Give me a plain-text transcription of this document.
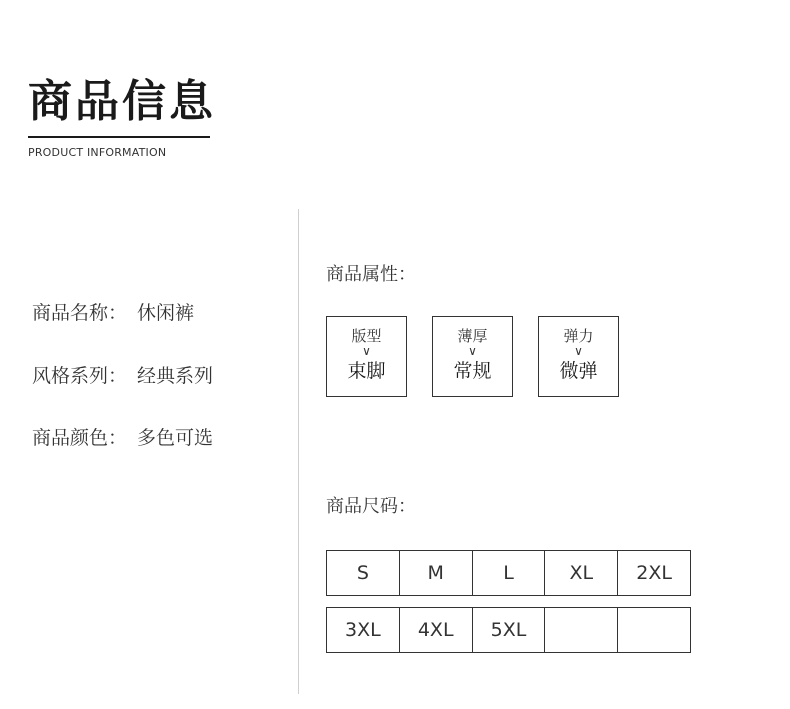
商品信息
PRODUCT INFORMATION
商品名称： 休闲裤
风格系列： 经典系列
商品颜色： 多色可选
商品属性：
版型
∨
束脚
薄厚
∨
常规
弹力
∨
微弹
商品尺码：
S	M	L	XL	2XL
3XL	4XL	5XL
